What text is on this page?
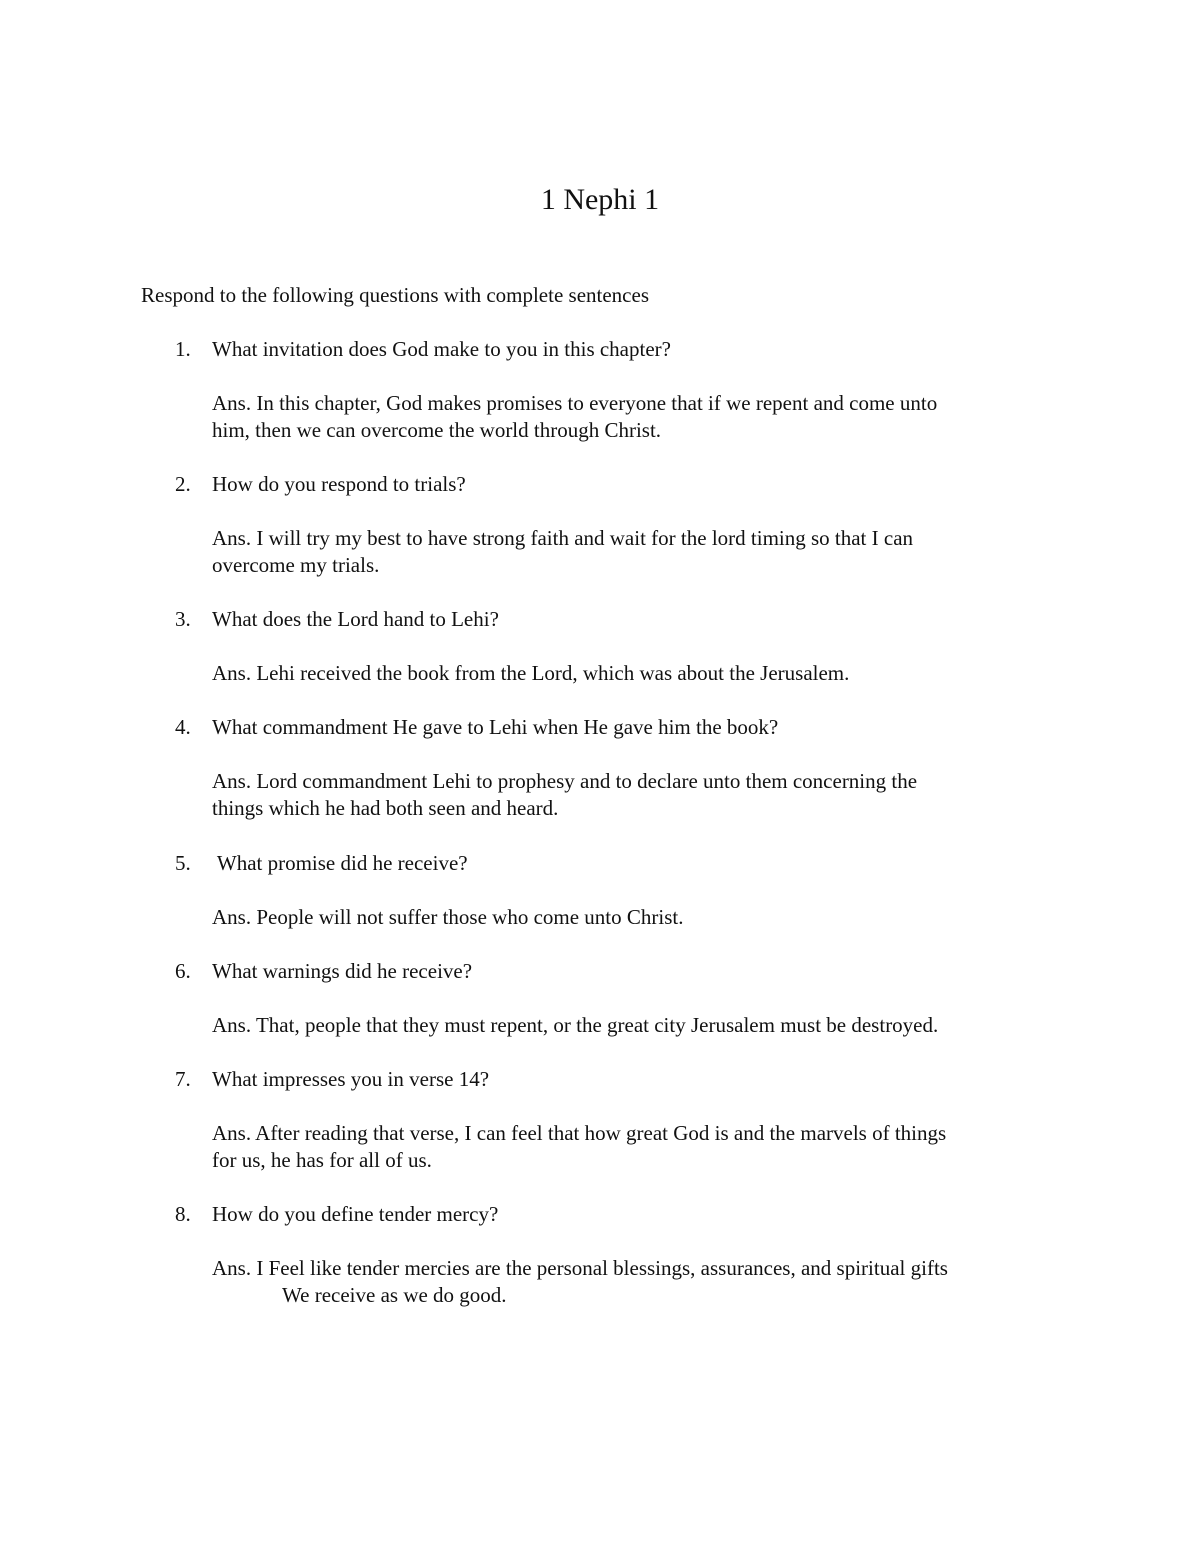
1 Nephi 1

Respond to the following questions with complete sentences

1. What invitation does God make to you in this chapter?
Ans. In this chapter, God makes promises to everyone that if we repent and come unto
him, then we can overcome the world through Christ.
2. How do you respond to trials?
Ans. I will try my best to have strong faith and wait for the lord timing so that I can
overcome my trials.
3. What does the Lord hand to Lehi?
Ans. Lehi received the book from the Lord, which was about the Jerusalem.
4. What commandment He gave to Lehi when He gave him the book?
Ans. Lord commandment Lehi to prophesy and to declare unto them concerning the
things which he had both seen and heard.
5. What promise did he receive?
Ans. People will not suffer those who come unto Christ.
6. What warnings did he receive?
Ans. That, people that they must repent, or the great city Jerusalem must be destroyed.
7. What impresses you in verse 14?
Ans. After reading that verse, I can feel that how great God is and the marvels of things
for us, he has for all of us.
8. How do you define tender mercy?
Ans. I Feel like tender mercies are the personal blessings, assurances, and spiritual gifts
We receive as we do good.
